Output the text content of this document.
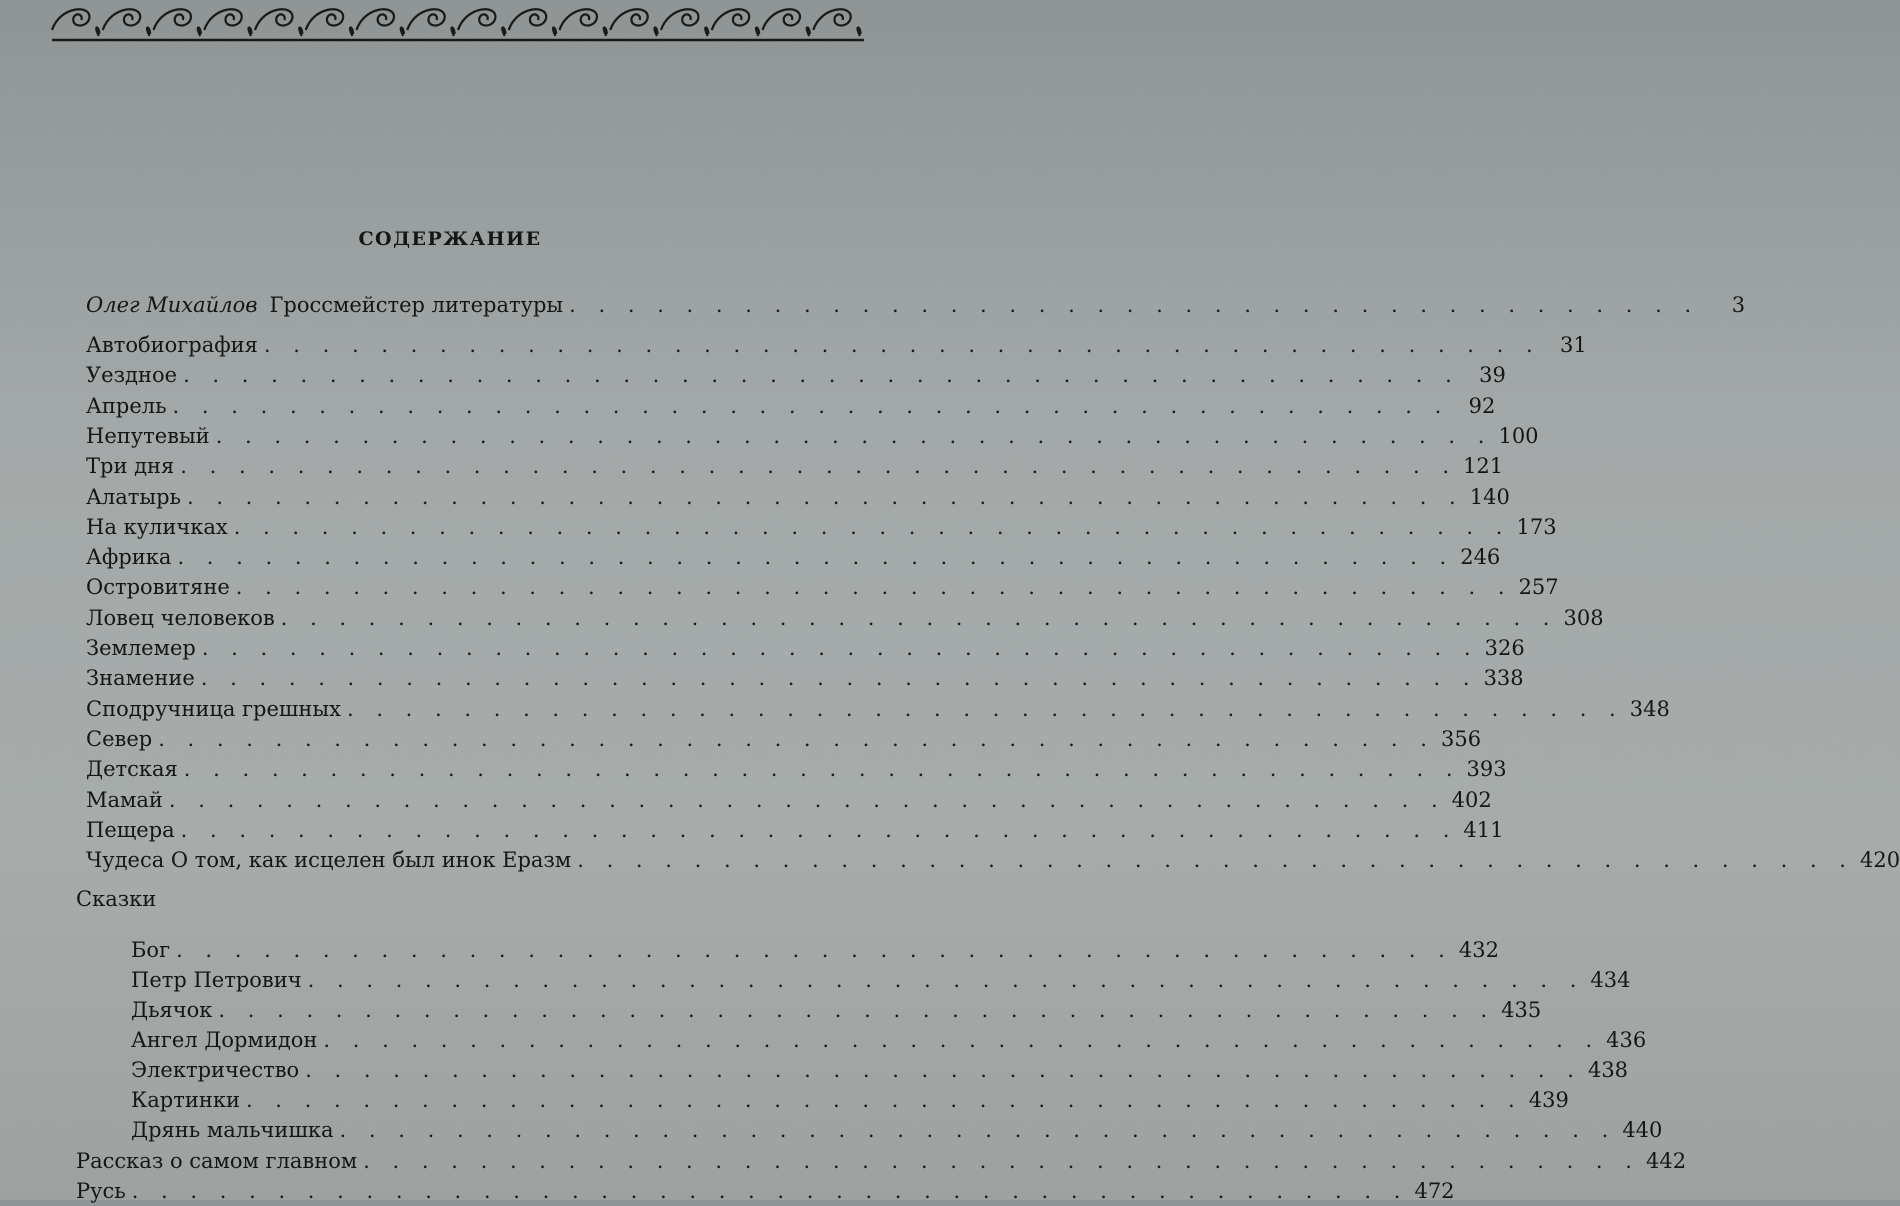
СОДЕРЖАНИЕ
Олег Михайлов Гроссмейстер литературы . . . . . . . . . . . . . . . . . . . . . . . . . . . . . . . . . . . . . . .	3
Сказки
Автобиография . . . . . . . . . . . . . . . . . . . . . . . . . . . . . . . . . . . . . . . . . . . . 31
Уездное . . . . . . . . . . . . . . . . . . . . . . . . . . . . . . . . . . . . . . . . . . . . 39
Апрель . . . . . . . . . . . . . . . . . . . . . . . . . . . . . . . . . . . . . . . . . . . . 92
Непутевый . . . . . . . . . . . . . . . . . . . . . . . . . . . . . . . . . . . . . . . . . . . . 100
Три дня . . . . . . . . . . . . . . . . . . . . . . . . . . . . . . . . . . . . . . . . . . . . 121
Алатырь . . . . . . . . . . . . . . . . . . . . . . . . . . . . . . . . . . . . . . . . . . . . 140
На куличках . . . . . . . . . . . . . . . . . . . . . . . . . . . . . . . . . . . . . . . . . . . . 173
Африка . . . . . . . . . . . . . . . . . . . . . . . . . . . . . . . . . . . . . . . . . . . . 246
Островитяне . . . . . . . . . . . . . . . . . . . . . . . . . . . . . . . . . . . . . . . . . . . . 257
Ловец человеков . . . . . . . . . . . . . . . . . . . . . . . . . . . . . . . . . . . . . . . . . . . . 308
Землемер . . . . . . . . . . . . . . . . . . . . . . . . . . . . . . . . . . . . . . . . . . . . 326
Знамение . . . . . . . . . . . . . . . . . . . . . . . . . . . . . . . . . . . . . . . . . . . . 338
Сподручница грешных . . . . . . . . . . . . . . . . . . . . . . . . . . . . . . . . . . . . . . . . . . . . 348
Север . . . . . . . . . . . . . . . . . . . . . . . . . . . . . . . . . . . . . . . . . . . . 356
Детская . . . . . . . . . . . . . . . . . . . . . . . . . . . . . . . . . . . . . . . . . . . . 393
Мамай . . . . . . . . . . . . . . . . . . . . . . . . . . . . . . . . . . . . . . . . . . . . 402
Пещера . . . . . . . . . . . . . . . . . . . . . . . . . . . . . . . . . . . . . . . . . . . . 411
Чудеса О том, как исцелен был инок Еразм . . . . . . . . . . . . . . . . . . . . . . . . . . . . . . . . . . . . . . . . . . . . 420
Бог . . . . . . . . . . . . . . . . . . . . . . . . . . . . . . . . . . . . . . . . . . . . 432
Петр Петрович . . . . . . . . . . . . . . . . . . . . . . . . . . . . . . . . . . . . . . . . . . . . 434
Дьячок . . . . . . . . . . . . . . . . . . . . . . . . . . . . . . . . . . . . . . . . . . . . 435
Ангел Дормидон . . . . . . . . . . . . . . . . . . . . . . . . . . . . . . . . . . . . . . . . . . . . 436
Электричество . . . . . . . . . . . . . . . . . . . . . . . . . . . . . . . . . . . . . . . . . . . . 438
Картинки . . . . . . . . . . . . . . . . . . . . . . . . . . . . . . . . . . . . . . . . . . . . 439
Дрянь мальчишка . . . . . . . . . . . . . . . . . . . . . . . . . . . . . . . . . . . . . . . . . . . . 440
Рассказ о самом главном . . . . . . . . . . . . . . . . . . . . . . . . . . . . . . . . . . . . . . . . . . . . 442
Русь . . . . . . . . . . . . . . . . . . . . . . . . . . . . . . . . . . . . . . . . . . . . 472
